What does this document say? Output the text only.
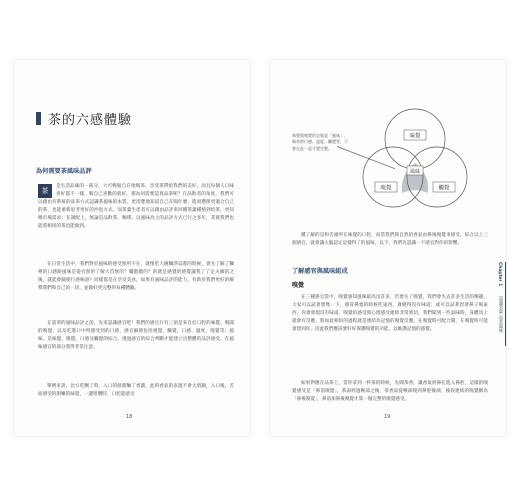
茶的六感體驗
為何需要茶風味品評
茶
是生活品味的一部分。大可輕鬆自在地喝茶、享受茶帶給我們的美好，而且每個人口味喜好都不一樣，喝自己喜歡的就好，那為何需要認真品茶呢？在品飲者的角度，我們可以藉由有系統的品茶方式認識茶風味的本質，更清楚地知道自己在喝什麼，進而選擇更適合自己的茶，也能重新思考更好的沖泡方式。而茶葉生產者可以藉由品評來回饋茶葉種植到焙茶，更知曉市場需求；在調配上，無論是品飲茶、咖啡，以風味為主的品評方式已行之多年，其實我們也能將相同的茶也能做到。

在日常生活中，我們對於風味的感受無所不在，就像吃大碗麵淨蒜蓉的時候，會先了解了麵裡的口感跟風味是從有無的了解大首無的？藥散散的？的就是感覺的感覺讓我了了定夫細的之後，就能會隨使行感味道？同樣都是在享受美食，如果有風味品評的能力，有助於我們更好的解釋我們和自己的一切，並做好更完整的每種體驗。

在談茶的風味品評之前，先來認識感官吧！我們的感官行有三項是來自於口腔的味覺、嗅聞的嗅覺，以及吃進口中所感受到的口感，感官細節包括視覺、觸覺、口感、溫度、嗅覺等；風味，是味覺、嗅覺、口感及觸覺的綜合，透過感官的綜合判斷才能建立出整體的品評感受。在風味感官的部分我得非常注意。

舉例來說，比方吃鯛了時，入口的鮮甜麵了香濃，此時香氣的表現不會太明顯，入口後，舌面感受的甜嫩的味覺，一邊咀嚼時，口腔能感受

18
味覺與嗅覺的交集是「風味」，喝茶時口感、溫度、觸覺等，不會在此一起才覺完整。
味覺
嗅覺	觸覺
風味

種了解的是和舌頭所在味覺的口腔，而當我們與自然的香氣由鼻後嗅覺來感受，綜合以上三個感官，就會讓大腦認定這樣得了的風味，以下，我們先認識一下感官對你的影響。

了解感官與風味組成
嗅覺

在三種感官當中，嗅覺感知風味最高出許多，若要失了嗅覺，我們會失去許多生活的樂趣。大家可以試著想像一下，感冒鼻塞的時候吃東西，會變得沒有味道；或可以試著捏著鼻子喝東西，你會發現沒有味道。嗅覺的感受與心理感受連結非常密切，我們聞到一些氣味時，身體馬上就會有反應，將如此相似的過程就是連結為記憶的嗅覺反應。在嗅覺時可配合聞，在嗅覺時可能會想到你，因此我們應該要好好保護嗅覺的功能，以維護記憶的感覺。

如果對應在品茶上，當你拿到一杯茶的時候，先聞茶香，讓香氣經鼻孔進入鼻腔，這樣的嗅覺感受是「鼻前嗅覺」，茶湯經過喉部之後，茶香氣從喉部嗅到鼻腔後端，後段連結的嗅覺稱為「鼻後嗅覺」，鼻前加鼻後嗅覺才算一個完整的嗅覺感受。

Chapter 1
認識茶葉 品茶風味
19
